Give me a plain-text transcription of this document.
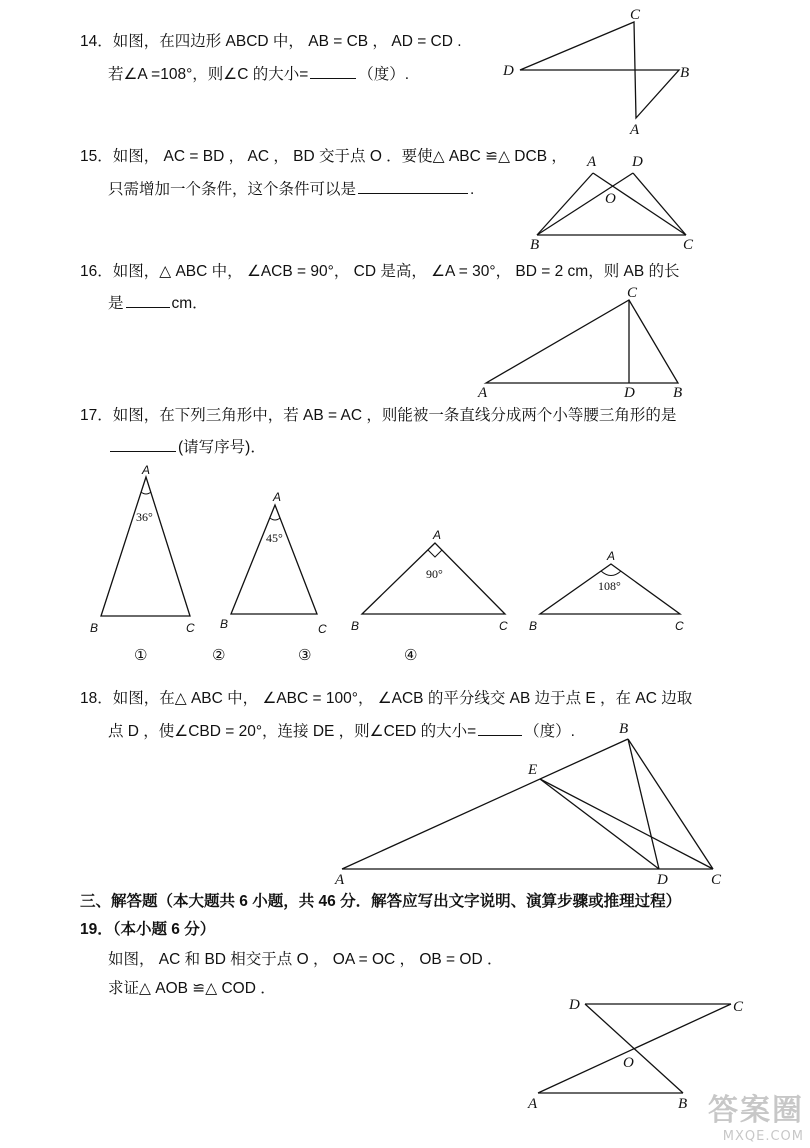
14．如图，在四边形 ABCD 中， AB = CB ， AD = CD .
若∠A =108°，则∠C 的大小=	（度）.
C
D	B
A
15．如图， AC = BD ， AC ， BD 交于点 O ．要使△ ABC ≌△ DCB ，
只需增加一个条件，这个条件可以是	.
A D
O
B	C
16．如图，△ ABC 中， ∠ACB = 90°， CD 是高， ∠A = 30°， BD = 2 cm，则 AB 的长
是	cm．
C
A	D	B
17．如图，在下列三角形中，若 AB = AC ，则能被一条直线分成两个小等腰三角形的是
(请写序号)．
36°
A
B	C
45°
A
B	C
90°
A
B	C
108°
A
B	C
①	②	③	④
18．如图，在△ ABC 中， ∠ABC = 100°， ∠ACB 的平分线交 AB 边于点 E ，在 AC 边取
点 D ，使∠CBD = 20°，连接 DE ，则∠CED 的大小=	（度）.	B
E
A	D	C
三、解答题（本大题共 6 小题，共 46 分．解答应写出文字说明、演算步骤或推理过程）
19．（本小题 6 分）
如图， AC 和 BD 相交于点 O ， OA = OC ， OB = OD ．
求证△ AOB ≌△ COD ．
D	C
O
A	B 答案圈
MXQE.COM
